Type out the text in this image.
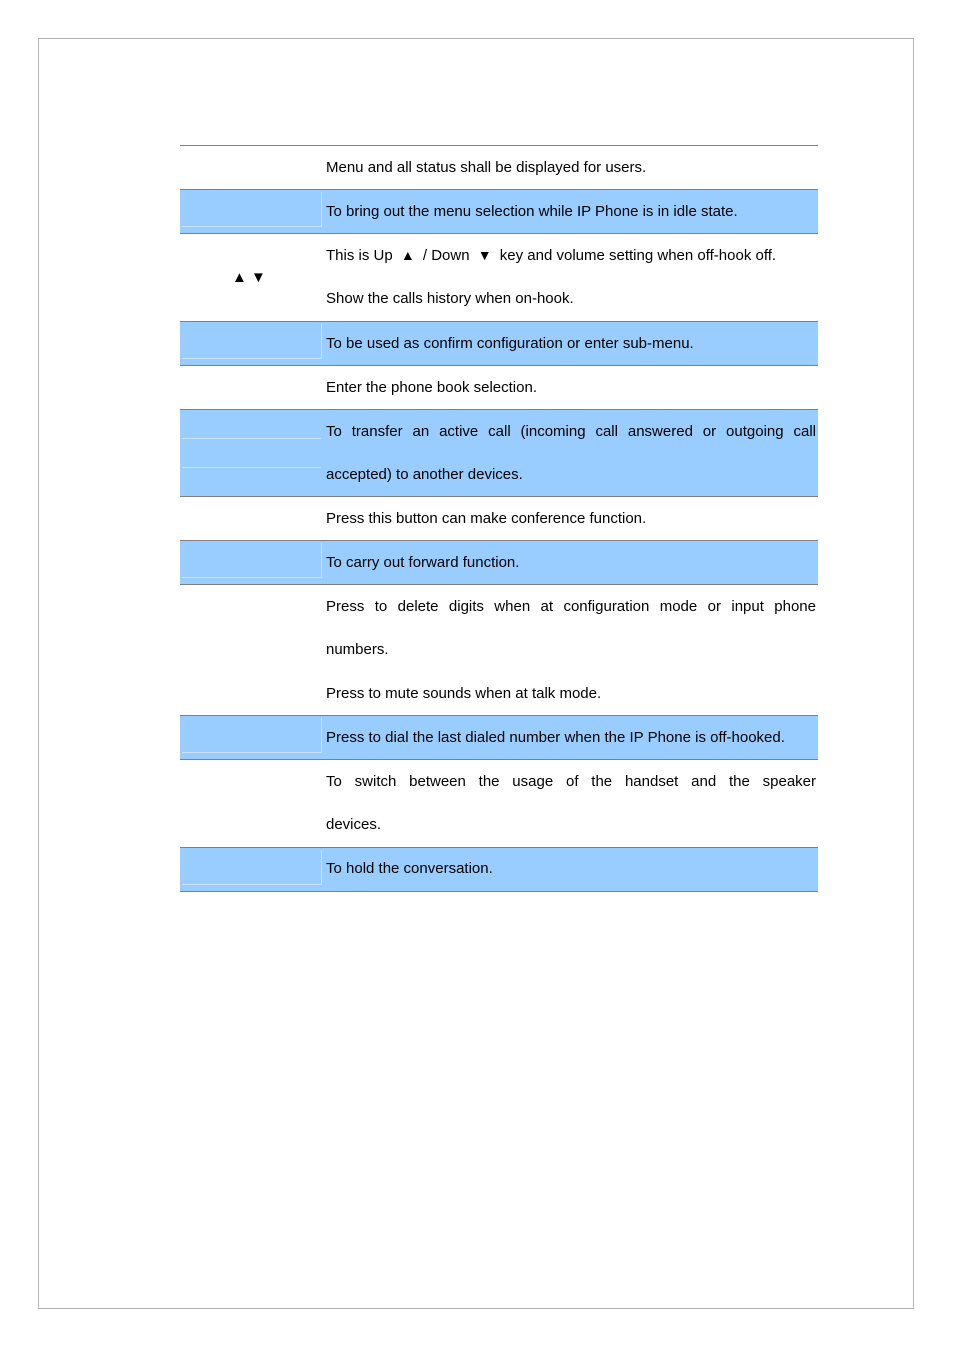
Menu and all status shall be displayed for users.
To bring out the menu selection while IP Phone is in idle state.
▲ ▼
This is Up ▲ / Down ▼ key and volume setting when off-hook off.
Show the calls history when on-hook.
To be used as confirm configuration or enter sub-menu.
Enter the phone book selection.
To transfer an active call (incoming call answered or outgoing call
accepted) to another devices.
Press this button can make conference function.
To carry out forward function.
Press to delete digits when at configuration mode or input phone
numbers.
Press to mute sounds when at talk mode.
Press to dial the last dialed number when the IP Phone is off-hooked.
To switch between the usage of the handset and the speaker
devices.
To hold the conversation.
